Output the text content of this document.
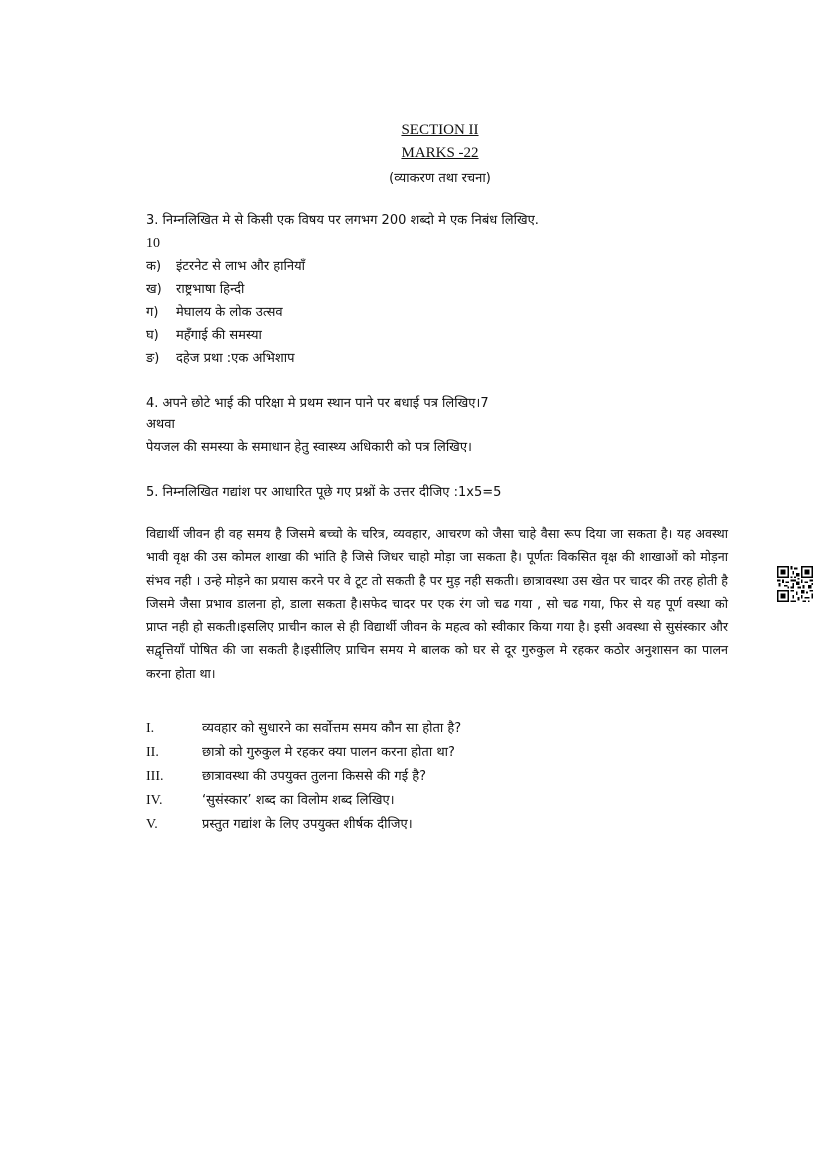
SECTION II
MARKS -22
(व्याकरण तथा रचना)
3. निम्नलिखित मे से किसी एक विषय पर लगभग 200 शब्दो मे एक निबंध लिखिए.
10
क) इंटरनेट से लाभ और हानियाँ
ख) राष्ट्रभाषा हिन्दी
ग) मेघालय के लोक उत्सव
घ) महँगाई की समस्या
ङ) दहेज प्रथा :एक अभिशाप
4. अपने छोटे भाई की परिक्षा मे प्रथम स्थान पाने पर बधाई पत्र लिखिए।7
अथवा
पेयजल की समस्या के समाधान हेतु स्वास्थ्य अधिकारी को पत्र लिखिए।
5. निम्नलिखित गद्यांश पर आधारित पूछे गए प्रश्नों के उत्तर दीजिए :1x5=5
विद्यार्थी जीवन ही वह समय है जिसमे बच्चो के चरित्र, व्यवहार, आचरण को जैसा चाहे वैसा रूप दिया जा सकता है। यह अवस्था भावी वृक्ष की उस कोमल शाखा की भांति है जिसे जिधर चाहो मोड़ा जा सकता है। पूर्णतः विकसित वृक्ष की शाखाओं को मोड़ना संभव नही । उन्हे मोड़ने का प्रयास करने पर वे टूट तो सकती है पर मुड़ नही सकती। छात्रावस्था उस खेत पर चादर की तरह होती है जिसमे जैसा प्रभाव डालना हो, डाला सकता है।सफेद चादर पर एक रंग जो चढ गया , सो चढ गया, फिर से यह पूर्ण वस्था को प्राप्त नही हो सकती।इसलिए प्राचीन काल से ही विद्यार्थी जीवन के महत्व को स्वीकार किया गया है। इसी अवस्था से सुसंस्कार और सद्वृत्तियाँ पोषित की जा सकती है।इसीलिए प्राचिन समय मे बालक को घर से दूर गुरुकुल मे रहकर कठोर अनुशासन का पालन करना होता था।
I.	व्यवहार को सुधारने का सर्वोत्तम समय कौन सा होता है?
II.	छात्रो को गुरुकुल मे रहकर क्या पालन करना होता था?
III.	छात्रावस्था की उपयुक्त तुलना किससे की गई है?
IV.	‘सुसंस्कार’ शब्द का विलोम शब्द लिखिए।
V.	प्रस्तुत गद्यांश के लिए उपयुक्त शीर्षक दीजिए।
